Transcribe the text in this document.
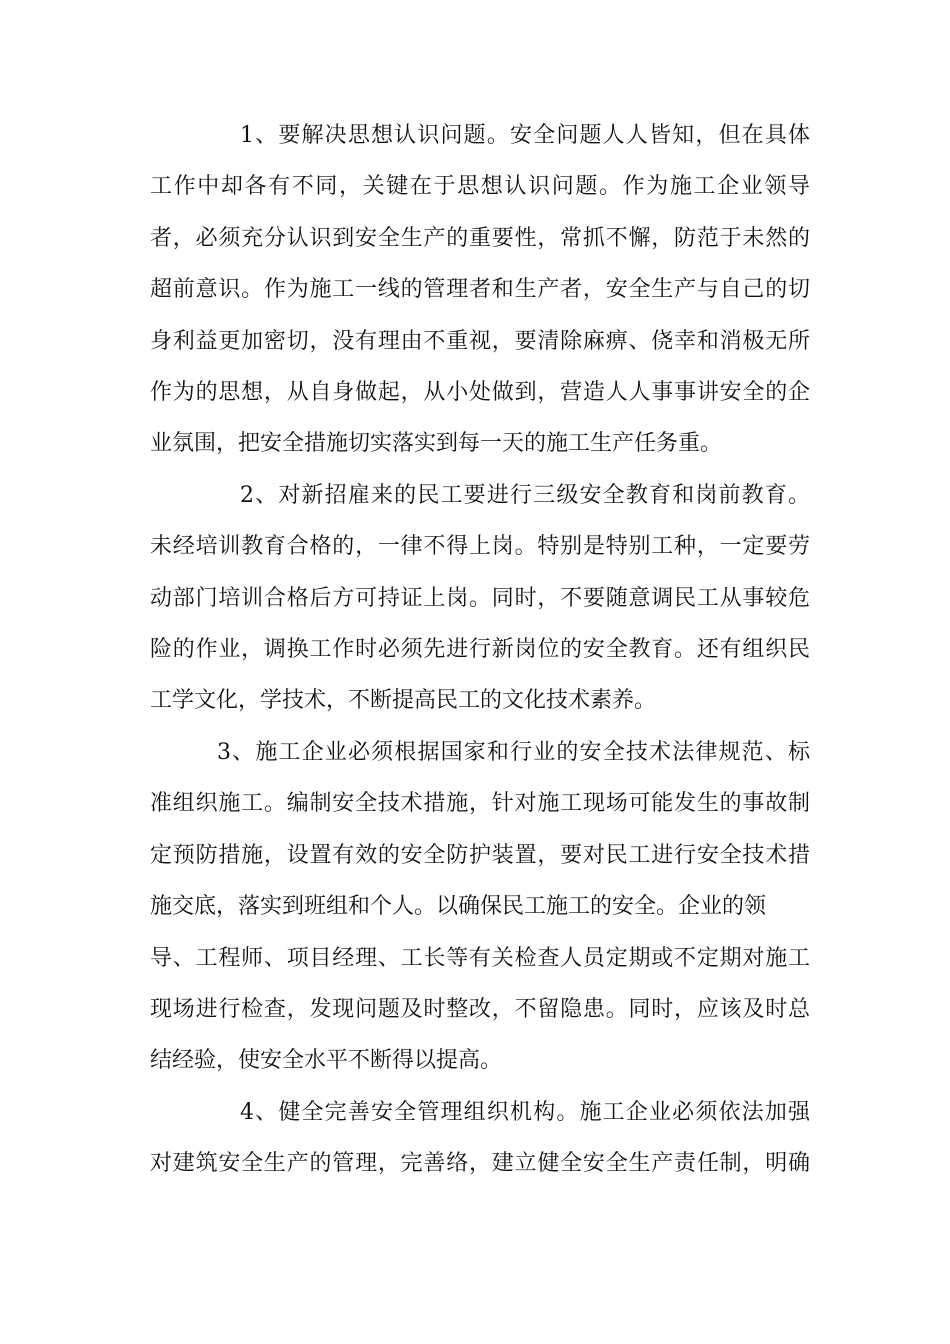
1、要解决思想认识问题。安全问题人人皆知，但在具体
工作中却各有不同，关键在于思想认识问题。作为施工企业领导
者，必须充分认识到安全生产的重要性，常抓不懈，防范于未然的
超前意识。作为施工一线的管理者和生产者，安全生产与自己的切
身利益更加密切，没有理由不重视，要清除麻痹、侥幸和消极无所
作为的思想，从自身做起，从小处做到，营造人人事事讲安全的企
业氛围，把安全措施切实落实到每一天的施工生产任务重。
2、对新招雇来的民工要进行三级安全教育和岗前教育。
未经培训教育合格的，一律不得上岗。特别是特别工种，一定要劳
动部门培训合格后方可持证上岗。同时，不要随意调民工从事较危
险的作业，调换工作时必须先进行新岗位的安全教育。还有组织民
工学文化，学技术，不断提高民工的文化技术素养。
3、施工企业必须根据国家和行业的安全技术法律规范、标
准组织施工。编制安全技术措施，针对施工现场可能发生的事故制
定预防措施，设置有效的安全防护装置，要对民工进行安全技术措
施交底，落实到班组和个人。以确保民工施工的安全。企业的领
导、工程师、项目经理、工长等有关检查人员定期或不定期对施工
现场进行检查，发现问题及时整改，不留隐患。同时，应该及时总
结经验，使安全水平不断得以提高。
4、健全完善安全管理组织机构。施工企业必须依法加强
对建筑安全生产的管理，完善络，建立健全安全生产责任制，明确
